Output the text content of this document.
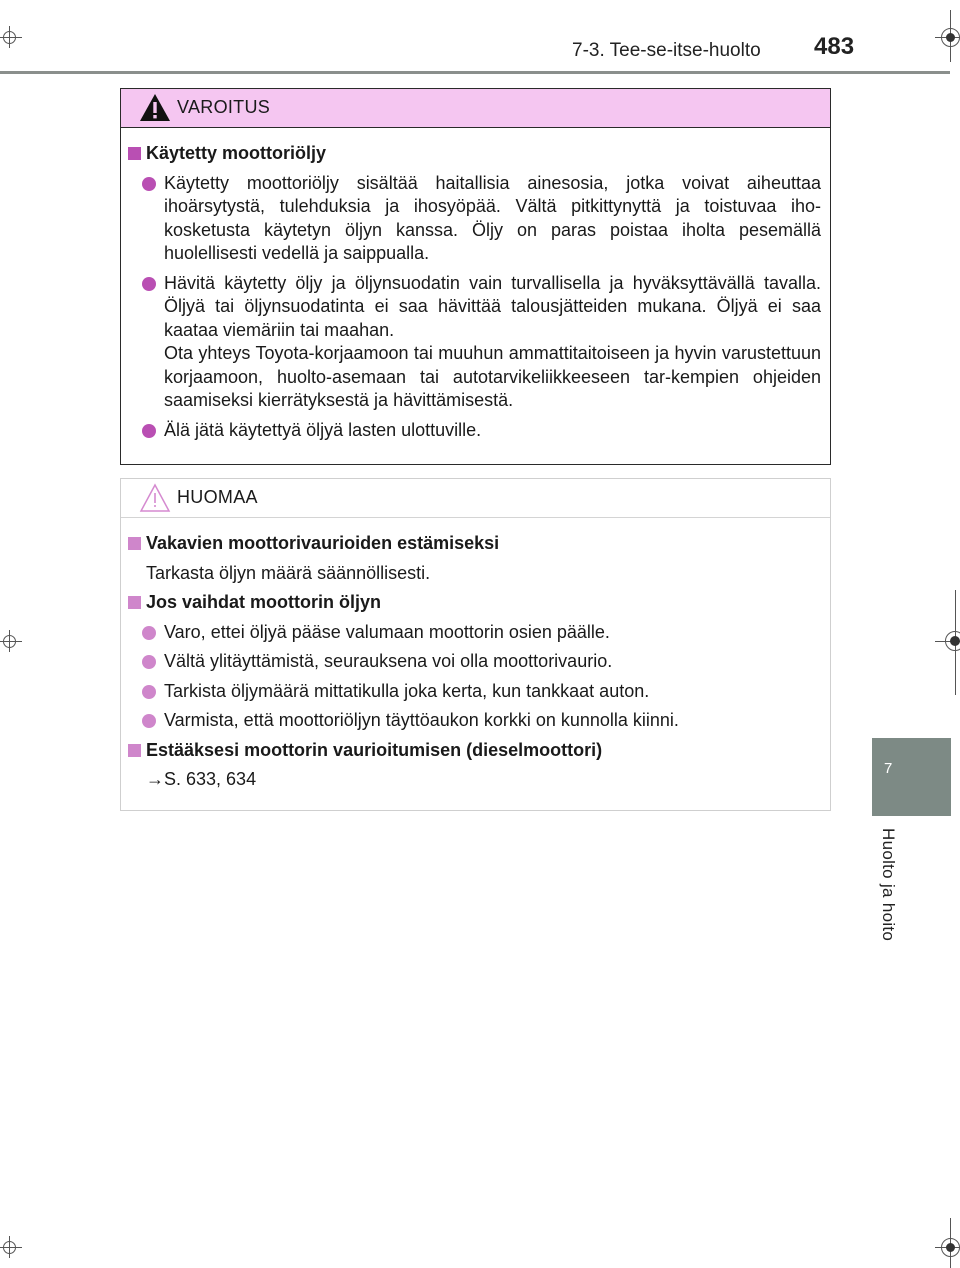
7-3. Tee-se-itse-huolto 483
7
Huolto ja hoito
VAROITUS
Käytetty moottoriöljy
Käytetty moottoriöljy sisältää haitallisia ainesosia, jotka voivat aiheuttaa ihoärsytystä, tulehduksia ja ihosyöpää. Vältä pitkittynyttä ja toistuvaa iho-kosketusta käytetyn öljyn kanssa. Öljy on paras poistaa iholta pesemällä huolellisesti vedellä ja saippualla.
Hävitä käytetty öljy ja öljynsuodatin vain turvallisella ja hyväksyttävällä tavalla. Öljyä tai öljynsuodatinta ei saa hävittää talousjätteiden mukana. Öljyä ei saa kaataa viemäriin tai maahan.
Ota yhteys Toyota-korjaamoon tai muuhun ammattitaitoiseen ja hyvin varustettuun korjaamoon, huolto-asemaan tai autotarvikeliikkeeseen tar-kempien ohjeiden saamiseksi kierrätyksestä ja hävittämisestä.
Älä jätä käytettyä öljyä lasten ulottuville.
HUOMAA
Vakavien moottorivaurioiden estämiseksi
Tarkasta öljyn määrä säännöllisesti.
Jos vaihdat moottorin öljyn
Varo, ettei öljyä pääse valumaan moottorin osien päälle.
Vältä ylitäyttämistä, seurauksena voi olla moottorivaurio.
Tarkista öljymäärä mittatikulla joka kerta, kun tankkaat auton.
Varmista, että moottoriöljyn täyttöaukon korkki on kunnolla kiinni.
Estääksesi moottorin vaurioitumisen (dieselmoottori)
→S. 633, 634
